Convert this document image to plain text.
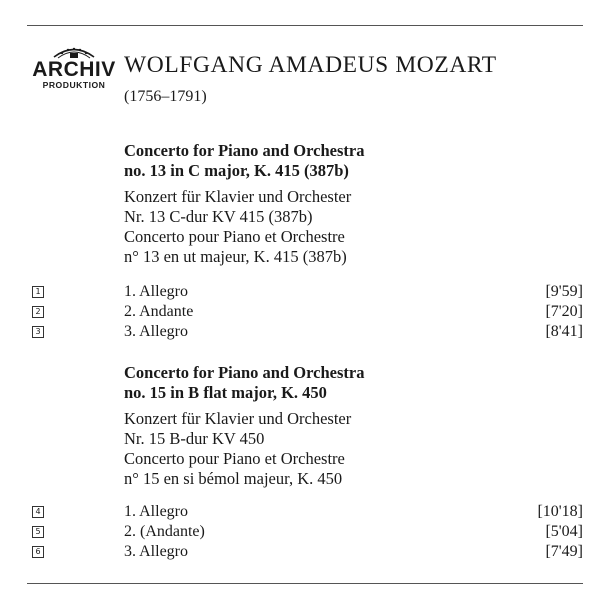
ARCHIV
PRODUKTION
WOLFGANG AMADEUS MOZART
(1756–1791)
Concerto for Piano and Orchestra
no. 13 in C major, K. 415 (387b)
Konzert für Klavier und Orchester
Nr. 13 C-dur KV 415 (387b)
Concerto pour Piano et Orchestre
n° 13 en ut majeur, K. 415 (387b)
1	1. Allegro	[9'59]
2	2. Andante	[7'20]
3	3. Allegro	[8'41]
Concerto for Piano and Orchestra
no. 15 in B flat major, K. 450
Konzert für Klavier und Orchester
Nr. 15 B-dur KV 450
Concerto pour Piano et Orchestre
n° 15 en si bémol majeur, K. 450
4	1. Allegro	[10'18]
5	2. (Andante)	[5'04]
6	3. Allegro	[7'49]
